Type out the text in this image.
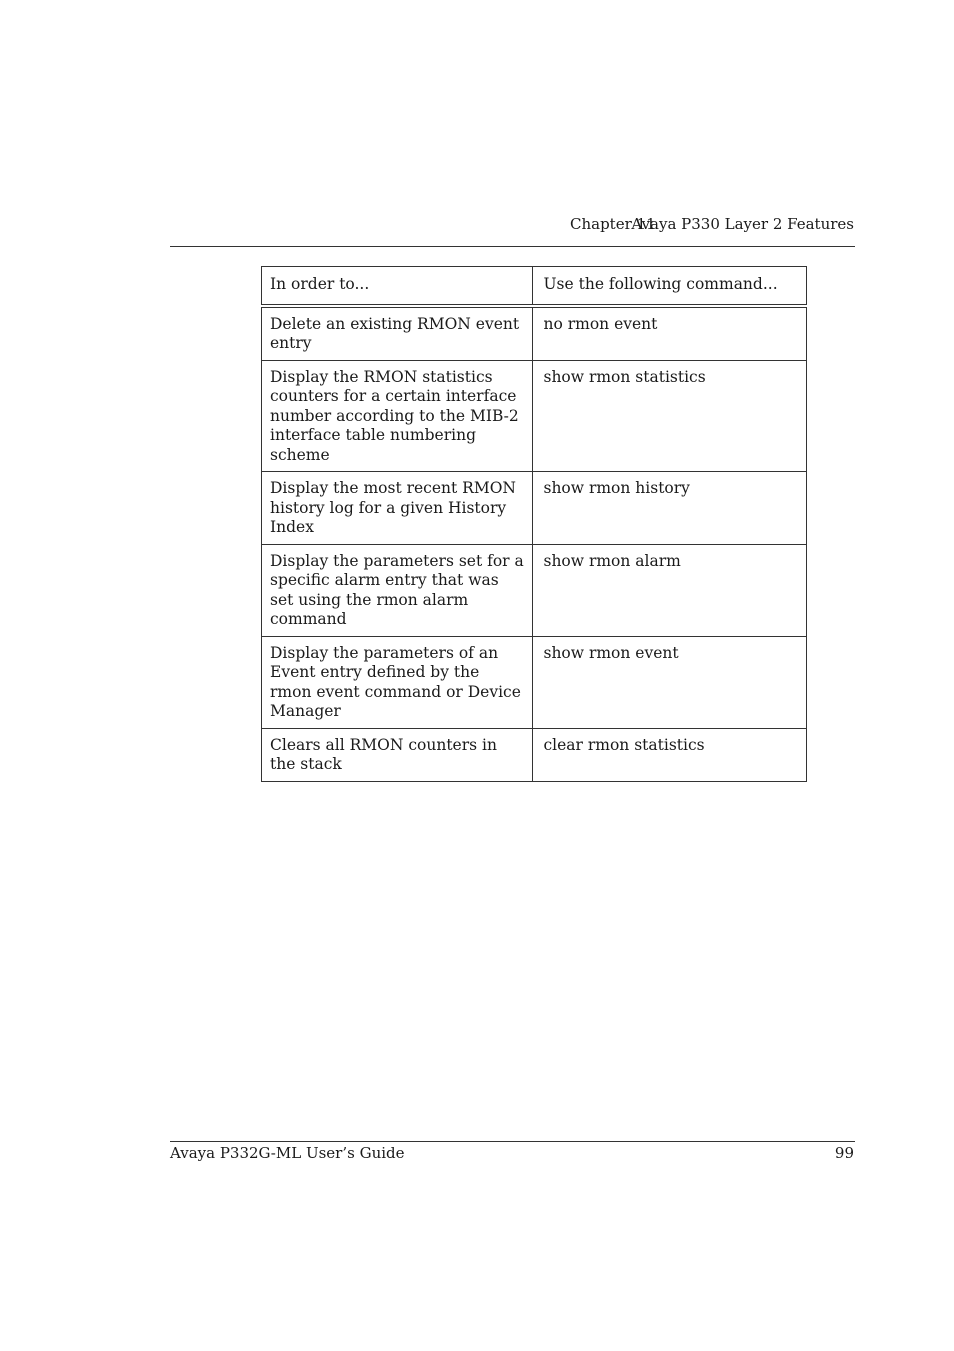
Chapter 11
Avaya P330 Layer 2 Features
In order to...	Use the following command...
Delete an existing RMON event entry	no rmon event
Display the RMON statistics counters for a certain interface number according to the MIB-2 interface table numbering scheme	show rmon statistics
Display the most recent RMON history log for a given History Index	show rmon history
Display the parameters set for a specific alarm entry that was set using the rmon alarm command	show rmon alarm
Display the parameters of an Event entry defined by the rmon event command or Device Manager	show rmon event
Clears all RMON counters in the stack	clear rmon statistics
Avaya P332G-ML User’s Guide	99
